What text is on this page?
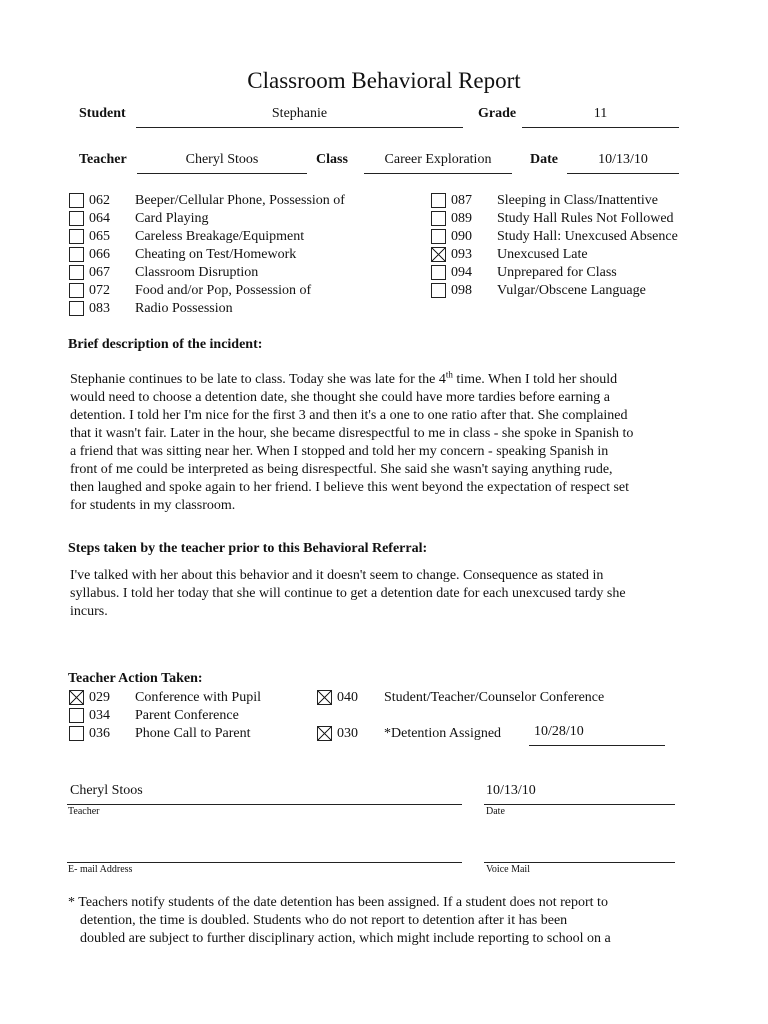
Classroom Behavioral Report
Student	Stephanie	Grade	11
Teacher	Cheryl Stoos	Class	Career Exploration	Date	10/13/10
062 Beeper/Cellular Phone, Possession of
064 Card Playing
065 Careless Breakage/Equipment
066 Cheating on Test/Homework
067 Classroom Disruption
072 Food and/or Pop, Possession of
083 Radio Possession
087 Sleeping in Class/Inattentive
089 Study Hall Rules Not Followed
090 Study Hall: Unexcused Absence
093 Unexcused Late
094 Unprepared for Class
098 Vulgar/Obscene Language
Brief description of the incident:
Stephanie continues to be late to class. Today she was late for the 4th time. When I told her should
would need to choose a detention date, she thought she could have more tardies before earning a
detention. I told her I'm nice for the first 3 and then it's a one to one ratio after that. She complained
that it wasn't fair. Later in the hour, she became disrespectful to me in class - she spoke in Spanish to
a friend that was sitting near her. When I stopped and told her my concern - speaking Spanish in
front of me could be interpreted as being disrespectful. She said she wasn't saying anything rude,
then laughed and spoke again to her friend. I believe this went beyond the expectation of respect set
for students in my classroom.
Steps taken by the teacher prior to this Behavioral Referral:
I've talked with her about this behavior and it doesn't seem to change. Consequence as stated in
syllabus. I told her today that she will continue to get a detention date for each unexcused tardy she
incurs.
Teacher Action Taken:
029 Conference with Pupil
034 Parent Conference
036 Phone Call to Parent
040 Student/Teacher/Counselor Conference
030 *Detention Assigned 10/28/10
Cheryl Stoos
Teacher
10/13/10
Date
E- mail Address	Voice Mail
* Teachers notify students of the date detention has been assigned. If a student does not report to
detention, the time is doubled. Students who do not report to detention after it has been
doubled are subject to further disciplinary action, which might include reporting to school on a
